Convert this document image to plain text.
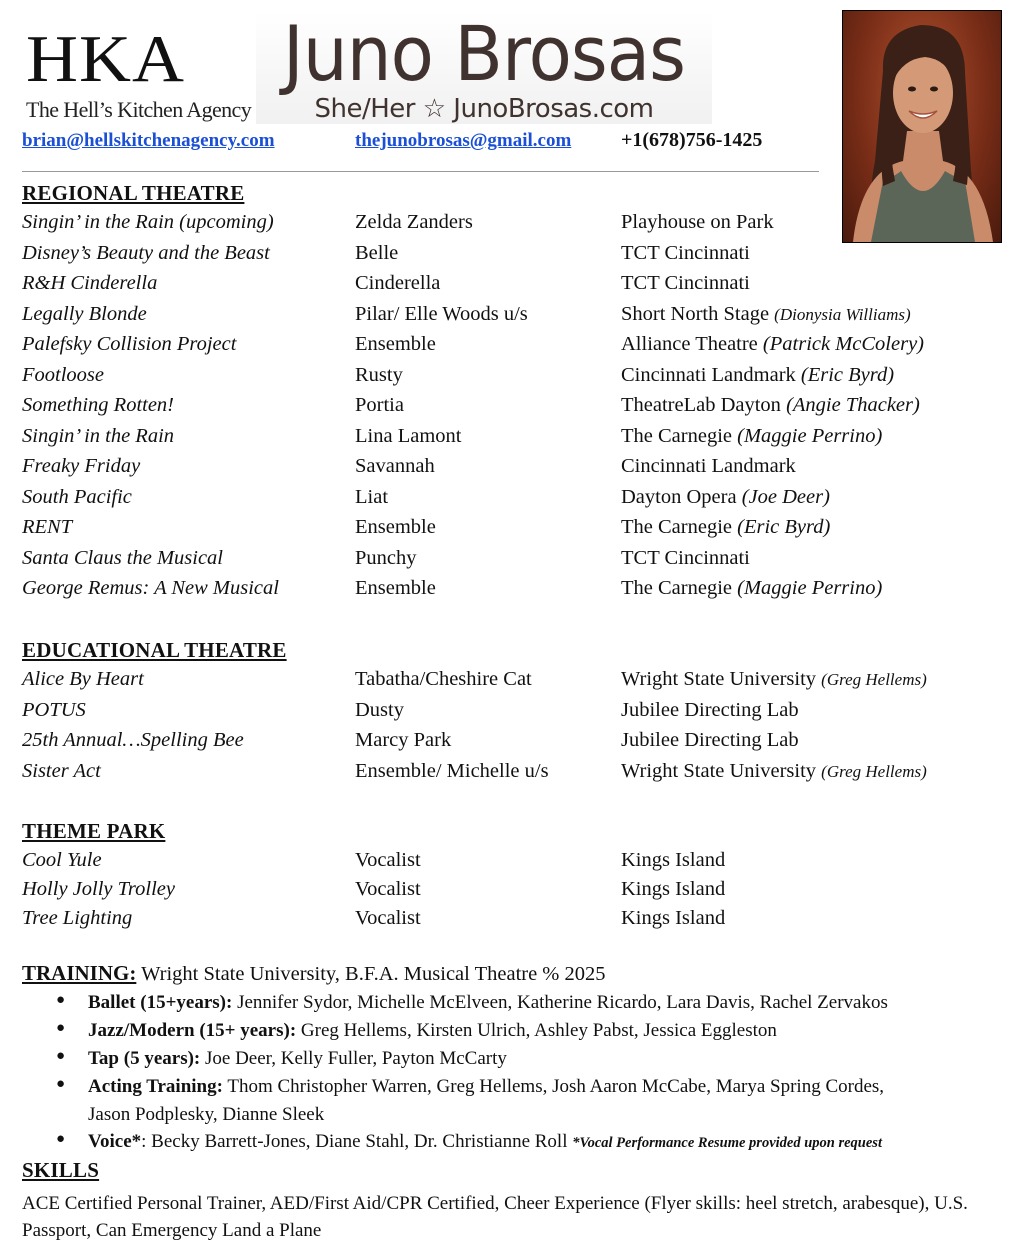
HKA
The Hell’s Kitchen Agency
Juno Brosas
She/Her ☆ JunoBrosas.com
brian@hellskitchenagency.com	thejunobrosas@gmail.com +1(678)756-1425
REGIONAL THEATRE
Singin’ in the Rain (upcoming)	Zelda Zanders	Playhouse on Park
Disney’s Beauty and the Beast	Belle	TCT Cincinnati
R&H Cinderella	Cinderella	TCT Cincinnati
Legally Blonde	Pilar/ Elle Woods u/s	Short North Stage (Dionysia Williams)
Palefsky Collision Project	Ensemble	Alliance Theatre (Patrick McColery)
Footloose	Rusty	Cincinnati Landmark (Eric Byrd)
Something Rotten!	Portia	TheatreLab Dayton (Angie Thacker)
Singin’ in the Rain	Lina Lamont	The Carnegie (Maggie Perrino)
Freaky Friday	Savannah	Cincinnati Landmark
South Pacific	Liat	Dayton Opera (Joe Deer)
RENT	Ensemble	The Carnegie (Eric Byrd)
Santa Claus the Musical	Punchy	TCT Cincinnati
George Remus: A New Musical	Ensemble	The Carnegie (Maggie Perrino)
EDUCATIONAL THEATRE
Alice By Heart	Tabatha/Cheshire Cat	Wright State University (Greg Hellems)
POTUS	Dusty	Jubilee Directing Lab
25th Annual…Spelling Bee	Marcy Park	Jubilee Directing Lab
Sister Act	Ensemble/ Michelle u/s	Wright State University (Greg Hellems)
THEME PARK
Cool Yule	Vocalist	Kings Island
Holly Jolly Trolley	Vocalist	Kings Island
Tree Lighting	Vocalist	Kings Island
TRAINING: Wright State University, B.F.A. Musical Theatre % 2025
● Ballet (15+years): Jennifer Sydor, Michelle McElveen, Katherine Ricardo, Lara Davis, Rachel Zervakos
● Jazz/Modern (15+ years): Greg Hellems, Kirsten Ulrich, Ashley Pabst, Jessica Eggleston
● Tap (5 years): Joe Deer, Kelly Fuller, Payton McCarty
● Acting Training: Thom Christopher Warren, Greg Hellems, Josh Aaron McCabe, Marya Spring Cordes,
Jason Podplesky, Dianne Sleek
● Voice*: Becky Barrett-Jones, Diane Stahl, Dr. Christianne Roll *Vocal Performance Resume provided upon request
SKILLS
ACE Certified Personal Trainer, AED/First Aid/CPR Certified, Cheer Experience (Flyer skills: heel stretch, arabesque), U.S. Passport, Can Emergency Land a Plane
